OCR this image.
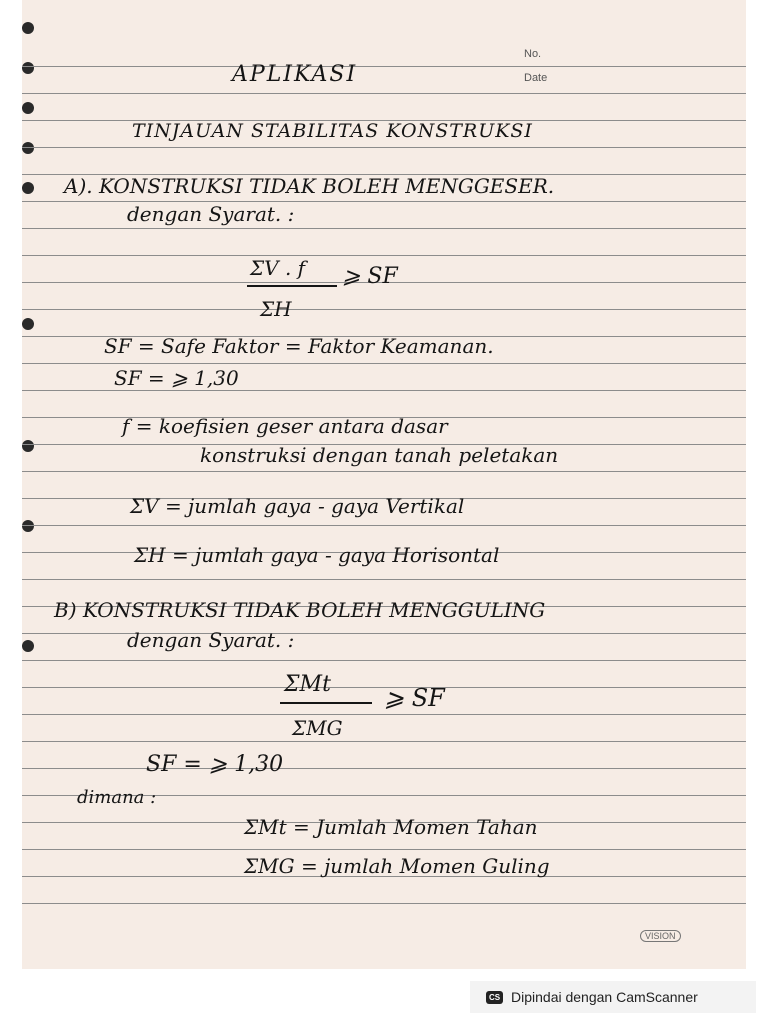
No.
Date
APLIKASI
TINJAUAN STABILITAS KONSTRUKSI
A). KONSTRUKSI TIDAK BOLEH MENGGESER.
dengan Syarat. :
ΣV . f ⩾ SF
ΣH
SF = Safe Faktor = Faktor Keamanan.
SF = ⩾ 1,30
f = koefisien geser antara dasar
konstruksi dengan tanah peletakan
ΣV = jumlah gaya - gaya Vertikal
ΣH = jumlah gaya - gaya Horisontal
B) KONSTRUKSI TIDAK BOLEH MENGGULING
dengan Syarat. :
ΣMt ⩾ SF
ΣMG
SF = ⩾ 1,30
dimana :
ΣMt = Jumlah Momen Tahan
ΣMG = jumlah Momen Guling
VISION
CS Dipindai dengan CamScanner
